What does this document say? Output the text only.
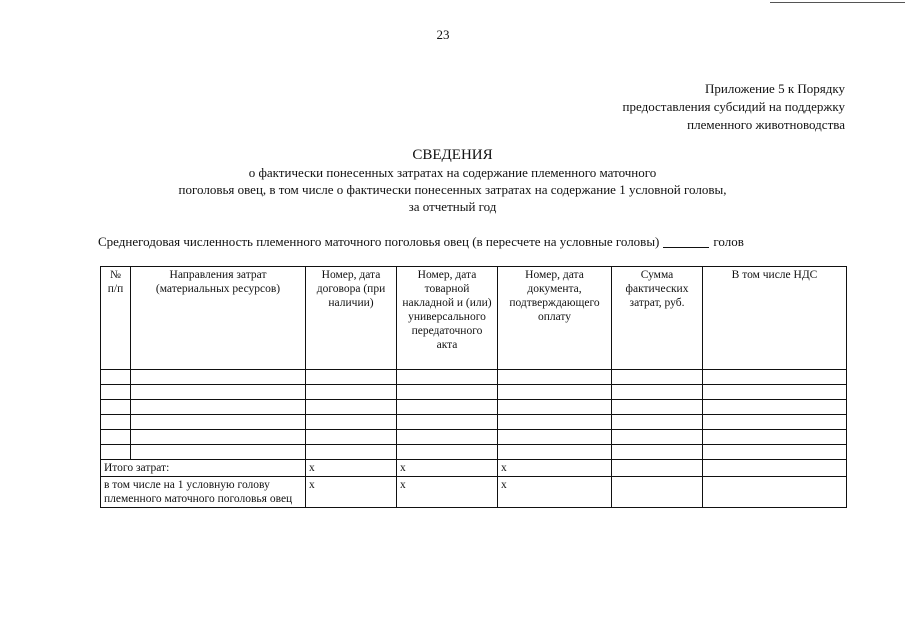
23
Приложение 5 к Порядку
предоставления субсидий на поддержку
племенного животноводства
СВЕДЕНИЯ
о фактически понесенных затратах на содержание племенного маточного
поголовья овец, в том числе о фактически понесенных затратах на содержание 1 условной головы,
за отчетный год
Среднегодовая численность племенного маточного поголовья овец (в пересчете на условные головы)	голов
№ п/п	Направления затрат (материальных ресурсов)	Номер, дата договора (при наличии)	Номер, дата товарной накладной и (или) универсального передаточного акта	Номер, дата документа, подтверждающего оплату	Сумма фактических затрат, руб.	В том числе НДС

Итого затрат:		x	x	x		
в том числе на 1 условную голову племенного маточного поголовья овец		x	x	x		
